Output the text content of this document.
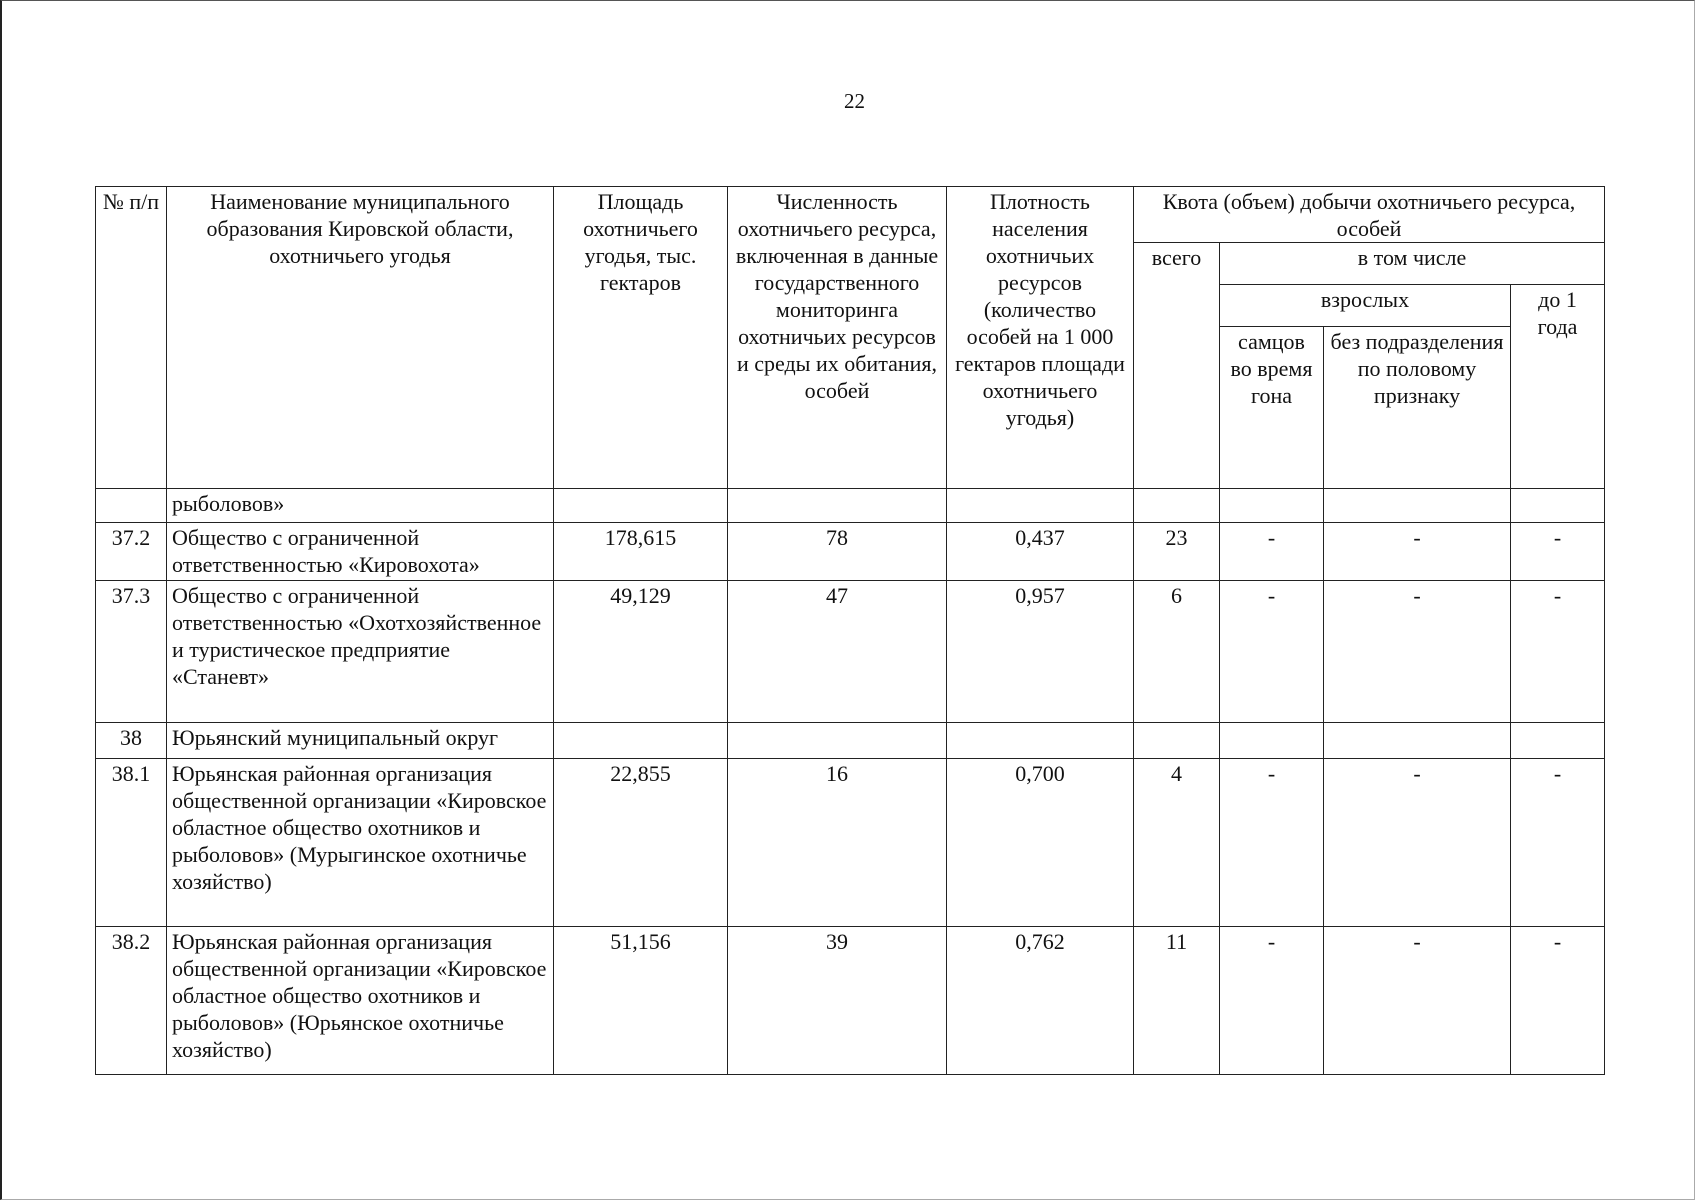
22
№ п/п	Наименование муниципального образования Кировской области, охотничьего угодья	Площадь охотничьего угодья, тыс. гектаров	Численность охотничьего ресурса, включенная в данные государственного мониторинга охотничьих ресурсов и среды их обитания, особей	Плотность населения охотничьих ресурсов (количество особей на 1 000 гектаров площади охотничьего угодья)	Квота (объем) добычи охотничьего ресурса, особей			
					всего	в том числе		
						взрослых		до 1 года
						самцов во время гона	без подразделения по половому признаку	
	рыболовов»							
37.2	Общество с ограниченной ответственностью «Кировохота»	178,615	78	0,437	23	-	-	-
37.3	Общество с ограниченной ответственностью «Охотхозяйственное и туристическое предприятие «Станевт»	49,129	47	0,957	6	-	-	-
38	Юрьянский муниципальный округ							
38.1	Юрьянская районная организация общественной организации «Кировское областное общество охотников и рыболовов» (Мурыгинское охотничье хозяйство)	22,855	16	0,700	4	-	-	-
38.2	Юрьянская районная организация общественной организации «Кировское областное общество охотников и рыболовов» (Юрьянское охотничье хозяйство)	51,156	39	0,762	11	-	-	-
